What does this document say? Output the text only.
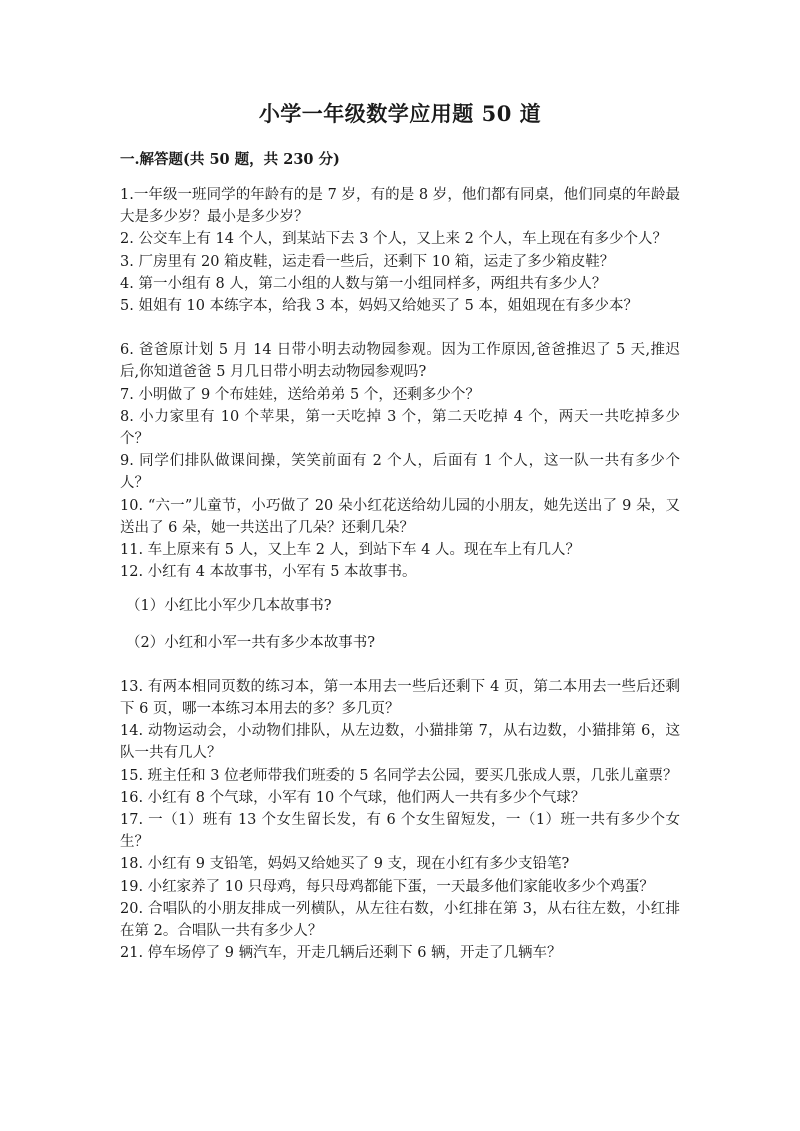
小学一年级数学应用题 50 道
一.解答题(共 50 题，共 230 分)

1.一年级一班同学的年龄有的是 7 岁，有的是 8 岁，他们都有同桌，他们同桌的年龄最大是多少岁？最小是多少岁？

2. 公交车上有 14 个人，到某站下去 3 个人，又上来 2 个人，车上现在有多少个人？

3. 厂房里有 20 箱皮鞋，运走看一些后，还剩下 10 箱，运走了多少箱皮鞋？

4. 第一小组有 8 人，第二小组的人数与第一小组同样多，两组共有多少人？

5. 姐姐有 10 本练字本，给我 3 本，妈妈又给她买了 5 本，姐姐现在有多少本？

6. 爸爸原计划 5 月 14 日带小明去动物园参观。因为工作原因,爸爸推迟了 5 天,推迟后,你知道爸爸 5 月几日带小明去动物园参观吗?

7. 小明做了 9 个布娃娃，送给弟弟 5 个，还剩多少个？

8. 小力家里有 10 个苹果，第一天吃掉 3 个，第二天吃掉 4 个，两天一共吃掉多少个？

9. 同学们排队做课间操，笑笑前面有 2 个人，后面有 1 个人，这一队一共有多少个人？

10. “六一”儿童节，小巧做了 20 朵小红花送给幼儿园的小朋友，她先送出了 9 朵，又送出了 6 朵，她一共送出了几朵？还剩几朵？

11. 车上原来有 5 人，又上车 2 人，到站下车 4 人。现在车上有几人？

12. 小红有 4 本故事书，小军有 5 本故事书。

（1）小红比小军少几本故事书?

（2）小红和小军一共有多少本故事书?

13. 有两本相同页数的练习本，第一本用去一些后还剩下 4 页，第二本用去一些后还剩下 6 页，哪一本练习本用去的多？多几页？

14. 动物运动会，小动物们排队，从左边数，小猫排第 7，从右边数，小猫排第 6，这队一共有几人？

15. 班主任和 3 位老师带我们班委的 5 名同学去公园，要买几张成人票，几张儿童票？

16. 小红有 8 个气球，小军有 10 个气球，他们两人一共有多少个气球？

17. 一（1）班有 13 个女生留长发，有 6 个女生留短发，一（1）班一共有多少个女生？

18. 小红有 9 支铅笔，妈妈又给她买了 9 支，现在小红有多少支铅笔?

19. 小红家养了 10 只母鸡，每只母鸡都能下蛋，一天最多他们家能收多少个鸡蛋？

20. 合唱队的小朋友排成一列横队，从左往右数，小红排在第 3，从右往左数，小红排在第 2。合唱队一共有多少人？

21. 停车场停了 9 辆汽车，开走几辆后还剩下 6 辆，开走了几辆车？
